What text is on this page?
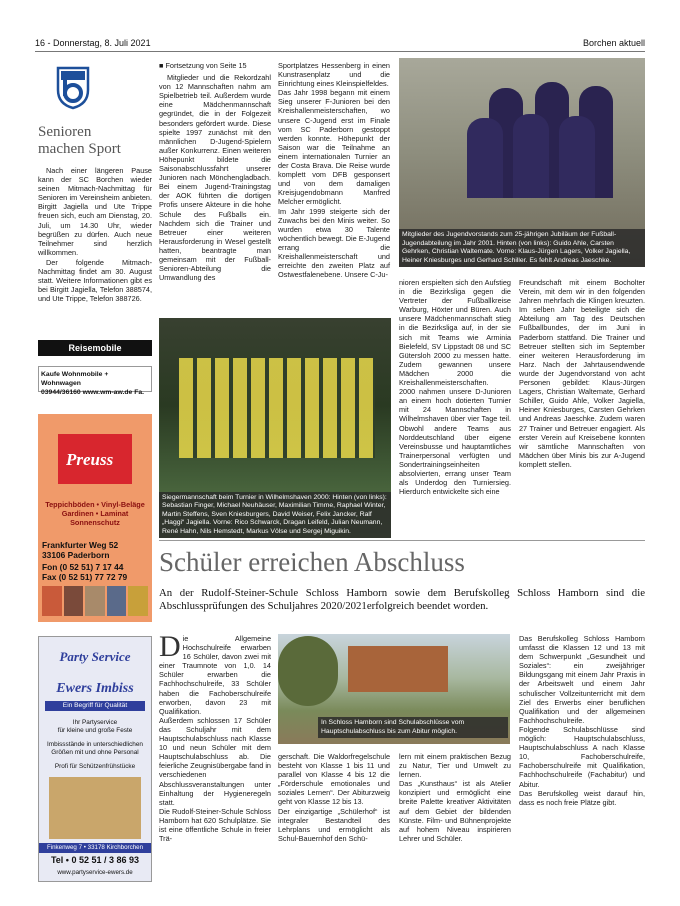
16 - Donnerstag, 8. Juli 2021	Borchen aktuell
Senioren
machen Sport

Nach einer längeren Pause kann der SC Borchen wieder seinen Mitmach-Nachmittag für Senioren im Vereinsheim anbieten. Birgitt Jagiella und Ute Trippe freuen sich, euch am Dienstag, 20. Juli, um 14.30 Uhr, wieder begrüßen zu dürfen. Auch neue Teilnehmer sind herzlich willkommen.

Der folgende Mitmach-Nachmittag findet am 30. August statt. Weitere Informationen gibt es bei Birgitt Jagiella, Telefon 388574, und Ute Trippe, Telefon 388726.

Reisemobile
Kaufe Wohnmobile + Wohnwagen
03944/36160 www.wm-aw.de Fa.
Preuss
Teppichböden • Vinyl-Beläge
Gardinen • Laminat
Sonnenschutz
Frankfurter Weg 52
33106 Paderborn
Fon (0 52 51) 7 17 44
Fax (0 52 51) 77 72 79
Party Service
Ewers Imbiss
Ein Begriff für Qualität
Ihr Partyservice
für kleine und große Feste
Imbissstände in unterschiedlichen
Größen mit und ohne Personal
Profi für Schützenfrühstücke
Finkenweg 7 • 33178 Kirchborchen
Tel • 0 52 51 / 3 86 93
www.partyservice-ewers.de

■ Fortsetzung von Seite 15

Mitglieder und die Rekordzahl von 12 Mannschaften nahm am Spielbetrieb teil. Außerdem wurde eine Mädchenmannschaft gegründet, die in der Folgezeit besonders gefördert wurde. Diese spielte 1997 zunächst mit den männlichen D-Jugend-Spielern außer Konkurrenz. Einen weiteren Höhepunkt bildete die Saisonabschlussfahrt unserer Junioren nach Mönchengladbach. Bei einem Jugend-Trainingstag der AOK führten die dortigen Profis unsere Akteure in die hohe Schule des Fußballs ein. Nachdem sich die Trainer und Betreuer einer weiteren Herausforderung in Wesel gestellt hatten, beantragte man gemeinsam mit der Fußball-Senioren-Abteilung die Umwandlung des

Sportplatzes Hessenberg in einen Kunstrasenplatz und die Einrichtung eines Kleinspielfeldes.
Das Jahr 1998 begann mit einem Sieg unserer F-Junioren bei den Kreishallenmeisterschaften, wo unsere C-Jugend erst im Finale vom SC Paderborn gestoppt werden konnte. Höhepunkt der Saison war die Teilnahme an einem internationalen Turnier an der Costa Brava. Die Reise wurde komplett vom DFB gesponsert und von dem damaligen Kreisjugendobmann Manfred Melcher ermöglicht.
Im Jahr 1999 steigerte sich der Zuwachs bei den Minis weiter. So wurden etwa 30 Talente wöchentlich bewegt. Die E-Jugend errang die Kreishallenmeisterschaft und erreichte den zweiten Platz auf Ostwestfalenebene. Unsere C-Ju-
Mitglieder des Jugendvorstands zum 25-jährigen Jubiläum der Fußball-Jugendabteilung im Jahr 2001. Hinten (von links): Guido Ahle, Carsten Gehrken, Christian Waltemate. Vorne: Klaus-Jürgen Lagers, Volker Jagiella, Heiner Kniesburges und Gerhard Schiller. Es fehlt Andreas Jaeschke.
Siegermannschaft beim Turnier in Wilhelmshaven 2000: Hinten (von links): Sebastian Finger, Michael Neuhäuser, Maximilian Timme, Raphael Winter, Martin Steffens, Sven Kniesburgers, David Weiser, Felix Jancker, Ralf „Haggi“ Jagiella. Vorne: Rico Schwarck, Dragan Leifeld, Julian Neumann, René Hahn, Nils Hemstedt, Markus Völse und Sergej Miguikin.
nioren erspielten sich den Aufstieg in die Bezirksliga gegen die Vertreter der Fußballkreise Warburg, Höxter und Büren. Auch unsere Mädchenmannschaft stieg in die Bezirksliga auf, in der sie sich mit Teams wie Arminia Bielefeld, SV Lippstadt 08 und SC Gütersloh 2000 zu messen hatte. Zudem gewannen unsere Mädchen 2000 die Kreishallenmeisterschaften.
2000 nahmen unsere D-Junioren an einem hoch dotierten Turnier mit 24 Mannschaften in Wilhelmshaven über vier Tage teil. Obwohl andere Teams aus Norddeutschland über eigene Vereinsbusse und hauptamtliches Trainerpersonal verfügten und Sondertrainingseinheiten absolvierten, errang unser Team als Underdog den Turniersieg. Hierdurch entwickelte sich eine
Freundschaft mit einem Bocholter Verein, mit dem wir in den folgenden Jahren mehrfach die Klingen kreuzten. Im selben Jahr beteiligte sich die Abteilung am Tag des Deutschen Fußballbundes, der im Juni in Paderborn stattfand. Die Trainer und Betreuer stellten sich im September einer weiteren Herausforderung im Harz. Nach der Jahrtausendwende wurde der Jugendvorstand von acht Personen gebildet: Klaus-Jürgen Lagers, Christian Waltemate, Gerhard Schiller, Guido Ahle, Volker Jagiella, Heiner Kniesburges, Carsten Gehrken und Andreas Jaeschke. Zudem waren 27 Trainer und Betreuer engagiert. Als erster Verein auf Kreisebene konnten wir sämtliche Mannschaften von Mädchen über Minis bis zur A-Jugend komplett stellen.
Schüler erreichen Abschluss
An der Rudolf-Steiner-Schule Schloss Hamborn sowie dem Berufskolleg Schloss Hamborn sind die Abschlussprüfungen des Schuljahres 2020/2021erfolgreich beendet worden.
Die Allgemeine Hochschulreife erwarben 16 Schüler, davon zwei mit einer Traumnote von 1,0. 14 Schüler erwarben die Fachhochschulreife, 33 Schüler haben die Fachoberschulreife erworben, davon 23 mit Qualifikation.
Außerdem schlossen 17 Schüler das Schuljahr mit dem Hauptschulabschluss nach Klasse 10 und neun Schüler mit dem Hauptschulabschluss ab. Die feierliche Zeugnisübergabe fand in verschiedenen Abschlussveranstaltungen unter Einhaltung der Hygieneregeln statt.
Die Rudolf-Steiner-Schule Schloss Hamborn hat 620 Schulplätze. Sie ist eine öffentliche Schule in freier Trä-
In Schloss Hamborn sind Schulabschlüsse vom Hauptschulabschluss bis zum Abitur möglich.
gerschaft. Die Waldorfregelschule besteht von Klasse 1 bis 11 und parallel von Klasse 4 bis 12 die „Förderschule emotionales und soziales Lernen“. Der Abiturzweig geht von Klasse 12 bis 13.
Der einzigartige „Schülerhof“ ist integraler Bestandteil des Lehrplans und ermöglicht als Schul-Bauernhof den Schü-
lern mit einem praktischen Bezug zu Natur, Tier und Umwelt zu lernen.
Das „Kunsthaus“ ist als Atelier konzipiert und ermöglicht eine breite Palette kreativer Aktivitäten auf dem Gebiet der bildenden Künste. Film- und Bühnenprojekte auf hohem Niveau inspirieren Lehrer und Schüler.
Das Berufskolleg Schloss Hamborn umfasst die Klassen 12 und 13 mit dem Schwerpunkt „Gesundheit und Soziales“: ein zweijähriger Bildungsgang mit einem Jahr Praxis in der Arbeitswelt und einem Jahr schulischer Vollzeitunterricht mit dem Ziel des Erwerbs einer beruflichen Qualifikation und der allgemeinen Fachhochschulreife.
Folgende Schulabschlüsse sind möglich: Hauptschulabschluss, Hauptschulabschluss A nach Klasse 10, Fachoberschulreife, Fachoberschulreife mit Qualifikation, Fachhochschulreife (Fachabitur) und Abitur.
Das Berufskolleg weist darauf hin, dass es noch freie Plätze gibt.
